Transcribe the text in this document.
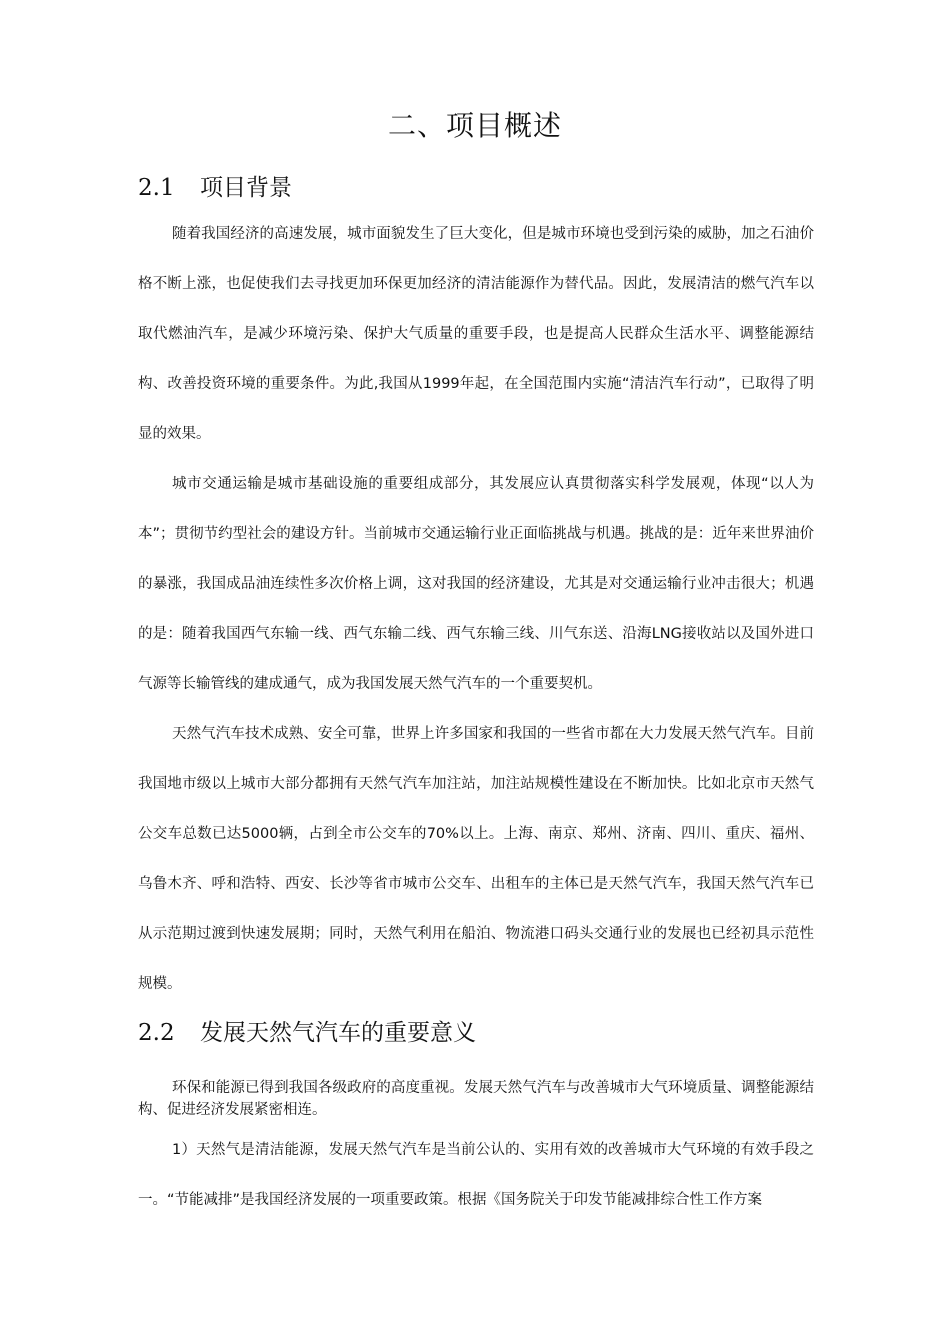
二、项目概述
2.1 项目背景

随着我国经济的高速发展，城市面貌发生了巨大变化，但是城市环境也受到污染的威胁，加之石油价格不断上涨，也促使我们去寻找更加环保更加经济的清洁能源作为替代品。因此，发展清洁的燃气汽车以取代燃油汽车，是减少环境污染、保护大气质量的重要手段，也是提高人民群众生活水平、调整能源结构、改善投资环境的重要条件。为此,我国从1999年起，在全国范围内实施“清洁汽车行动”，已取得了明显的效果。

城市交通运输是城市基础设施的重要组成部分，其发展应认真贯彻落实科学发展观，体现“以人为本”；贯彻节约型社会的建设方针。当前城市交通运输行业正面临挑战与机遇。挑战的是：近年来世界油价的暴涨，我国成品油连续性多次价格上调，这对我国的经济建设，尤其是对交通运输行业冲击很大；机遇的是：随着我国西气东输一线、西气东输二线、西气东输三线、川气东送、沿海LNG接收站以及国外进口气源等长输管线的建成通气，成为我国发展天然气汽车的一个重要契机。

天然气汽车技术成熟、安全可靠，世界上许多国家和我国的一些省市都在大力发展天然气汽车。目前我国地市级以上城市大部分都拥有天然气汽车加注站，加注站规模性建设在不断加快。比如北京市天然气公交车总数已达5000辆，占到全市公交车的70%以上。上海、南京、郑州、济南、四川、重庆、福州、乌鲁木齐、呼和浩特、西安、长沙等省市城市公交车、出租车的主体已是天然气汽车，我国天然气汽车已从示范期过渡到快速发展期；同时，天然气利用在船泊、物流港口码头交通行业的发展也已经初具示范性规模。

2.2 发展天然气汽车的重要意义

环保和能源已得到我国各级政府的高度重视。发展天然气汽车与改善城市大气环境质量、调整能源结构、促进经济发展紧密相连。

1）天然气是清洁能源，发展天然气汽车是当前公认的、实用有效的改善城市大气环境的有效手段之一。“节能减排”是我国经济发展的一项重要政策。根据《国务院关于印发节能减排综合性工作方案
